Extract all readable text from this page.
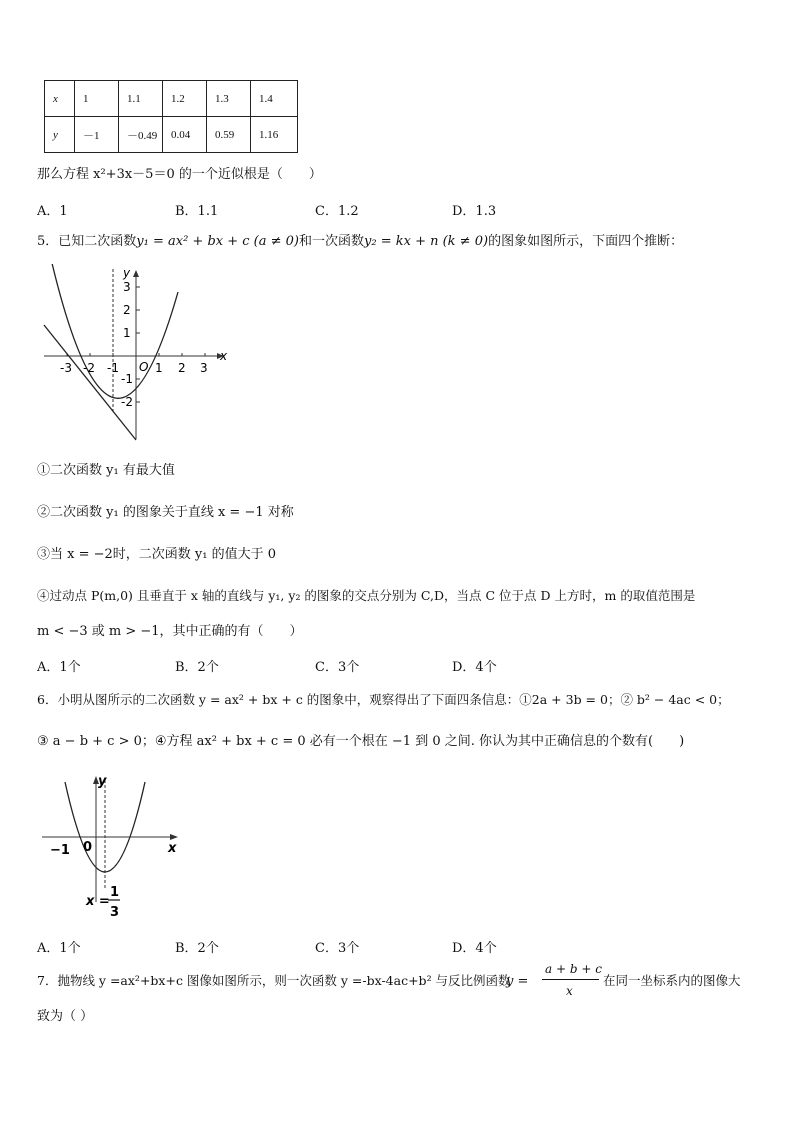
x	1	1.1	1.2	1.3	1.4
y	－1	－0.49	0.04	0.59	1.16
那么方程 x²+3x－5＝0 的一个近似根是（　　）
A．1	B．1.1	C．1.2	D．1.3
5．已知二次函数y₁ = ax² + bx + c (a ≠ 0)和一次函数y₂ = kx + n (k ≠ 0)的图象如图所示，下面四个推断：
x
y
O
-3 -2 -1	1 2 3
3
2
1
-1
-2
①二次函数 y₁ 有最大值
②二次函数 y₁ 的图象关于直线 x = −1 对称
③当 x = −2时，二次函数 y₁ 的值大于 0
④过动点 P(m,0) 且垂直于 x 轴的直线与 y₁, y₂ 的图象的交点分别为 C,D，当点 C 位于点 D 上方时，m 的取值范围是
m < −3 或 m > −1，其中正确的有（　　）
A．1个	B．2个	C．3个	D．4个
6．小明从图所示的二次函数 y = ax² + bx + c 的图象中，观察得出了下面四条信息：①2a + 3b = 0；② b² − 4ac < 0；
③ a − b + c > 0；④方程 ax² + bx + c = 0 必有一个根在 −1 到 0 之间. 你认为其中正确信息的个数有(　　)
x
y
−1 0
x =
1
3
A．1个	B．2个	C．3个	D．4个
7．抛物线 y =ax²+bx+c 图像如图所示，则一次函数 y =-bx-4ac+b² 与反比例函数
y =
a + b + c
x
在同一坐标系内的图像大
致为（ ）
